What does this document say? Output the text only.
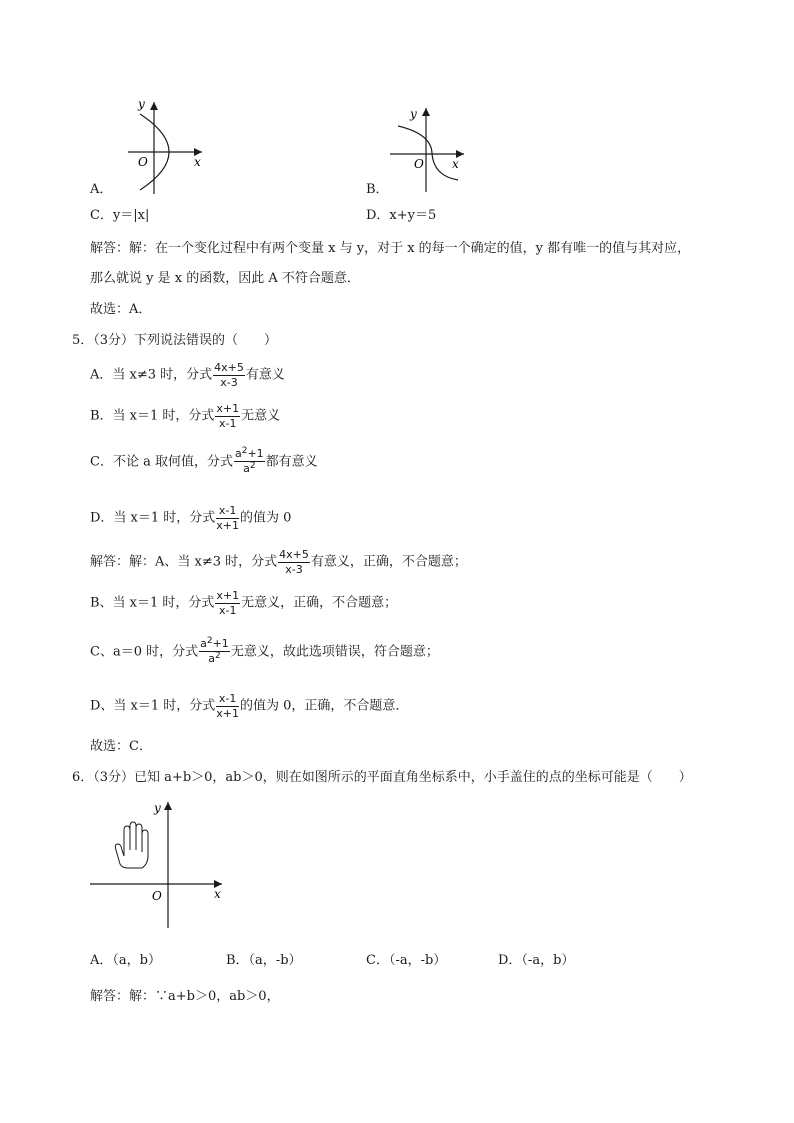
y
x
O
y
x
O
A．	B．
C．y＝|x|	D．x+y＝5
解答：解：在一个变化过程中有两个变量 x 与 y，对于 x 的每一个确定的值，y 都有唯一的值与其对应，
那么就说 y 是 x 的函数，因此 A 不符合题意．
故选：A．
5．（3分）下列说法错误的（　　）
A．当 x≠3 时，分式 $\frac{4x+5}{x-3}$ 有意义
B．当 x＝1 时，分式 $\frac{x+1}{x-1}$ 无意义
C．不论 a 取何值，分式 $\frac{a^2+1}{a^2}$ 都有意义
D．当 x＝1 时，分式 $\frac{x-1}{x+1}$ 的值为 0
解答：解：A、当 x≠3 时，分式 $\frac{4x+5}{x-3}$ 有意义，正确，不合题意；
B、当 x＝1 时，分式 $\frac{x+1}{x-1}$ 无意义，正确，不合题意；
C、a＝0 时，分式 $\frac{a^2+1}{a^2}$ 无意义，故此选项错误，符合题意；
D、当 x＝1 时，分式 $\frac{x-1}{x+1}$ 的值为 0，正确，不合题意．
故选：C．
6．（3分）已知 a+b＞0，ab＞0，则在如图所示的平面直角坐标系中，小手盖住的点的坐标可能是（　　）
y
x
O
A．（a，b）	B．（a，-b）	C．（-a，-b）	D．（-a，b）
解答：解：∵a+b＞0，ab＞0，
